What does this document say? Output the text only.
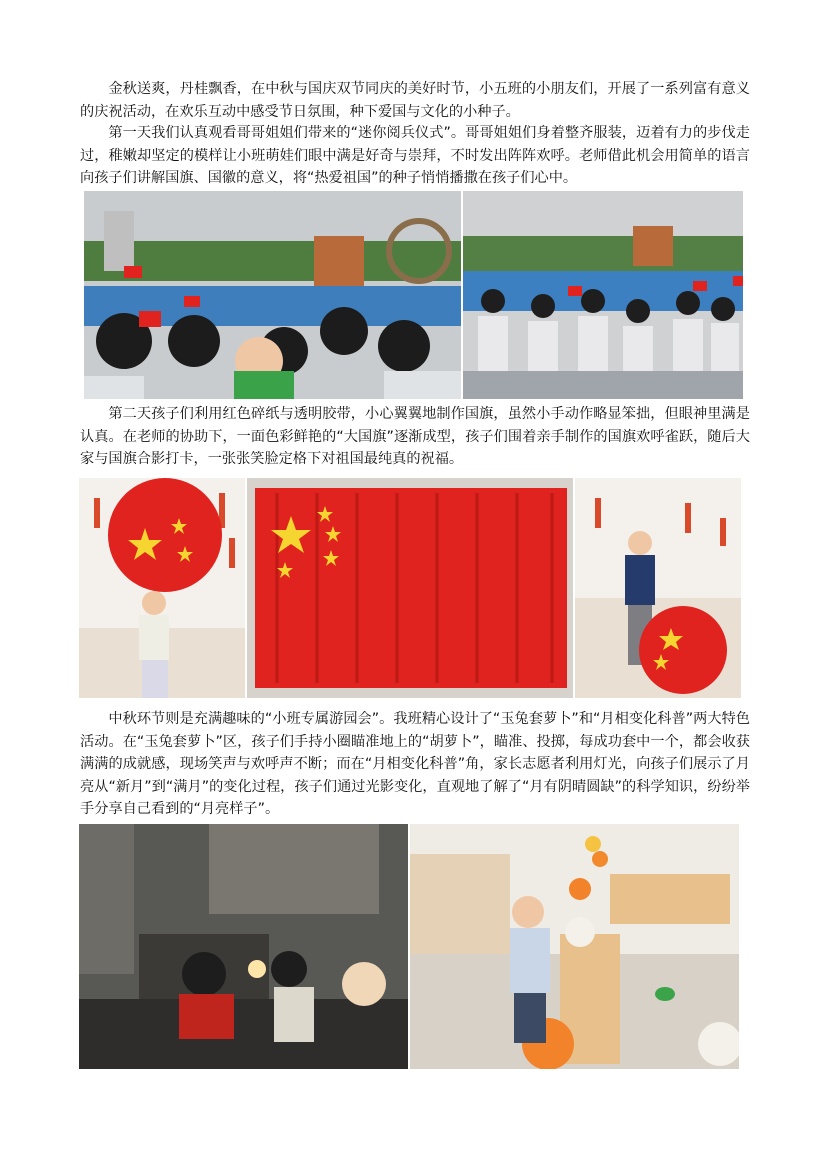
金秋送爽，丹桂飘香，在中秋与国庆双节同庆的美好时节，小五班的小朋友们，开展了一系列富有意义的庆祝活动，在欢乐互动中感受节日氛围，种下爱国与文化的小种子。

第一天我们认真观看哥哥姐姐们带来的“迷你阅兵仪式”。哥哥姐姐们身着整齐服装，迈着有力的步伐走过，稚嫩却坚定的模样让小班萌娃们眼中满是好奇与崇拜，不时发出阵阵欢呼。老师借此机会用简单的语言向孩子们讲解国旗、国徽的意义，将“热爱祖国”的种子悄悄播撒在孩子们心中。

第二天孩子们利用红色碎纸与透明胶带，小心翼翼地制作国旗，虽然小手动作略显笨拙，但眼神里满是认真。在老师的协助下，一面色彩鲜艳的“大国旗”逐渐成型，孩子们围着亲手制作的国旗欢呼雀跃，随后大家与国旗合影打卡，一张张笑脸定格下对祖国最纯真的祝福。

中秋环节则是充满趣味的“小班专属游园会”。我班精心设计了“玉兔套萝卜”和“月相变化科普”两大特色活动。在“玉兔套萝卜”区，孩子们手持小圈瞄准地上的“胡萝卜”，瞄准、投掷，每成功套中一个，都会收获满满的成就感，现场笑声与欢呼声不断；而在“月相变化科普”角，家长志愿者利用灯光，向孩子们展示了月亮从“新月”到“满月”的变化过程，孩子们通过光影变化，直观地了解了“月有阴晴圆缺”的科学知识，纷纷举手分享自己看到的“月亮样子”。
